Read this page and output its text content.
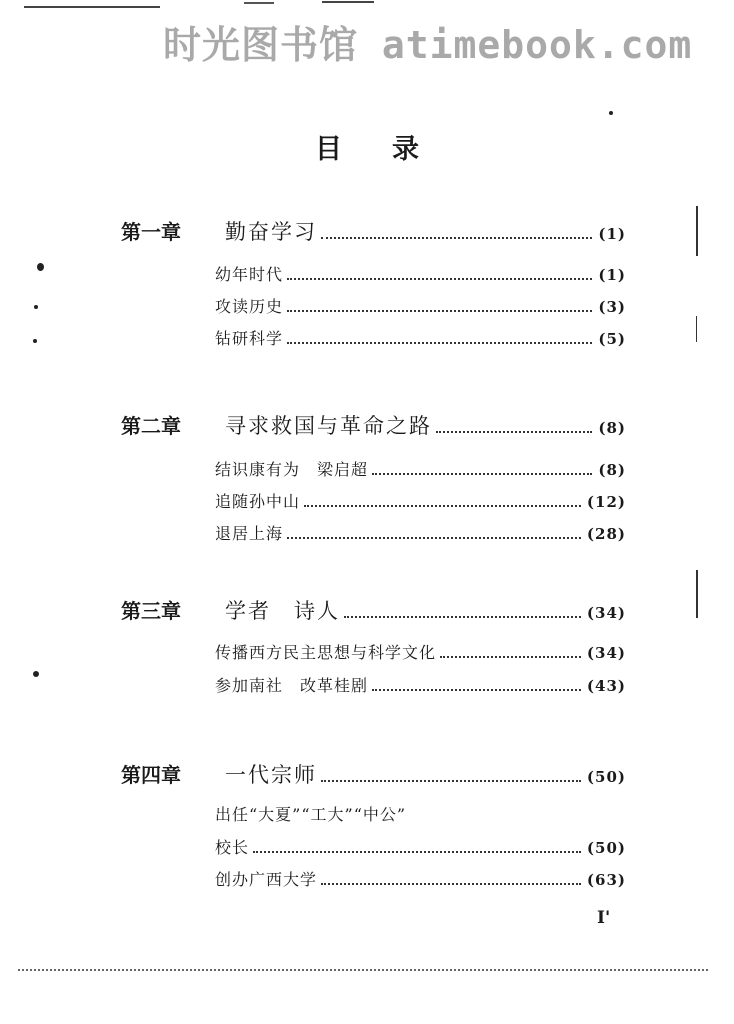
时光图书馆 atimebook.com
目录
第一章	勤奋学习	(1)
幼年时代	(1)
攻读历史	(3)
钻研科学	(5)
第二章	寻求救国与革命之路	(8)
结识康有为　梁启超	(8)
追随孙中山	(12)
退居上海	(28)
第三章	学者　诗人	(34)
传播西方民主思想与科学文化	(34)
参加南社　改革桂剧	(43)
第四章	一代宗师	(50)
出任“大夏”“工大”“中公”
校长	(50)
创办广西大学	(63)
I'
